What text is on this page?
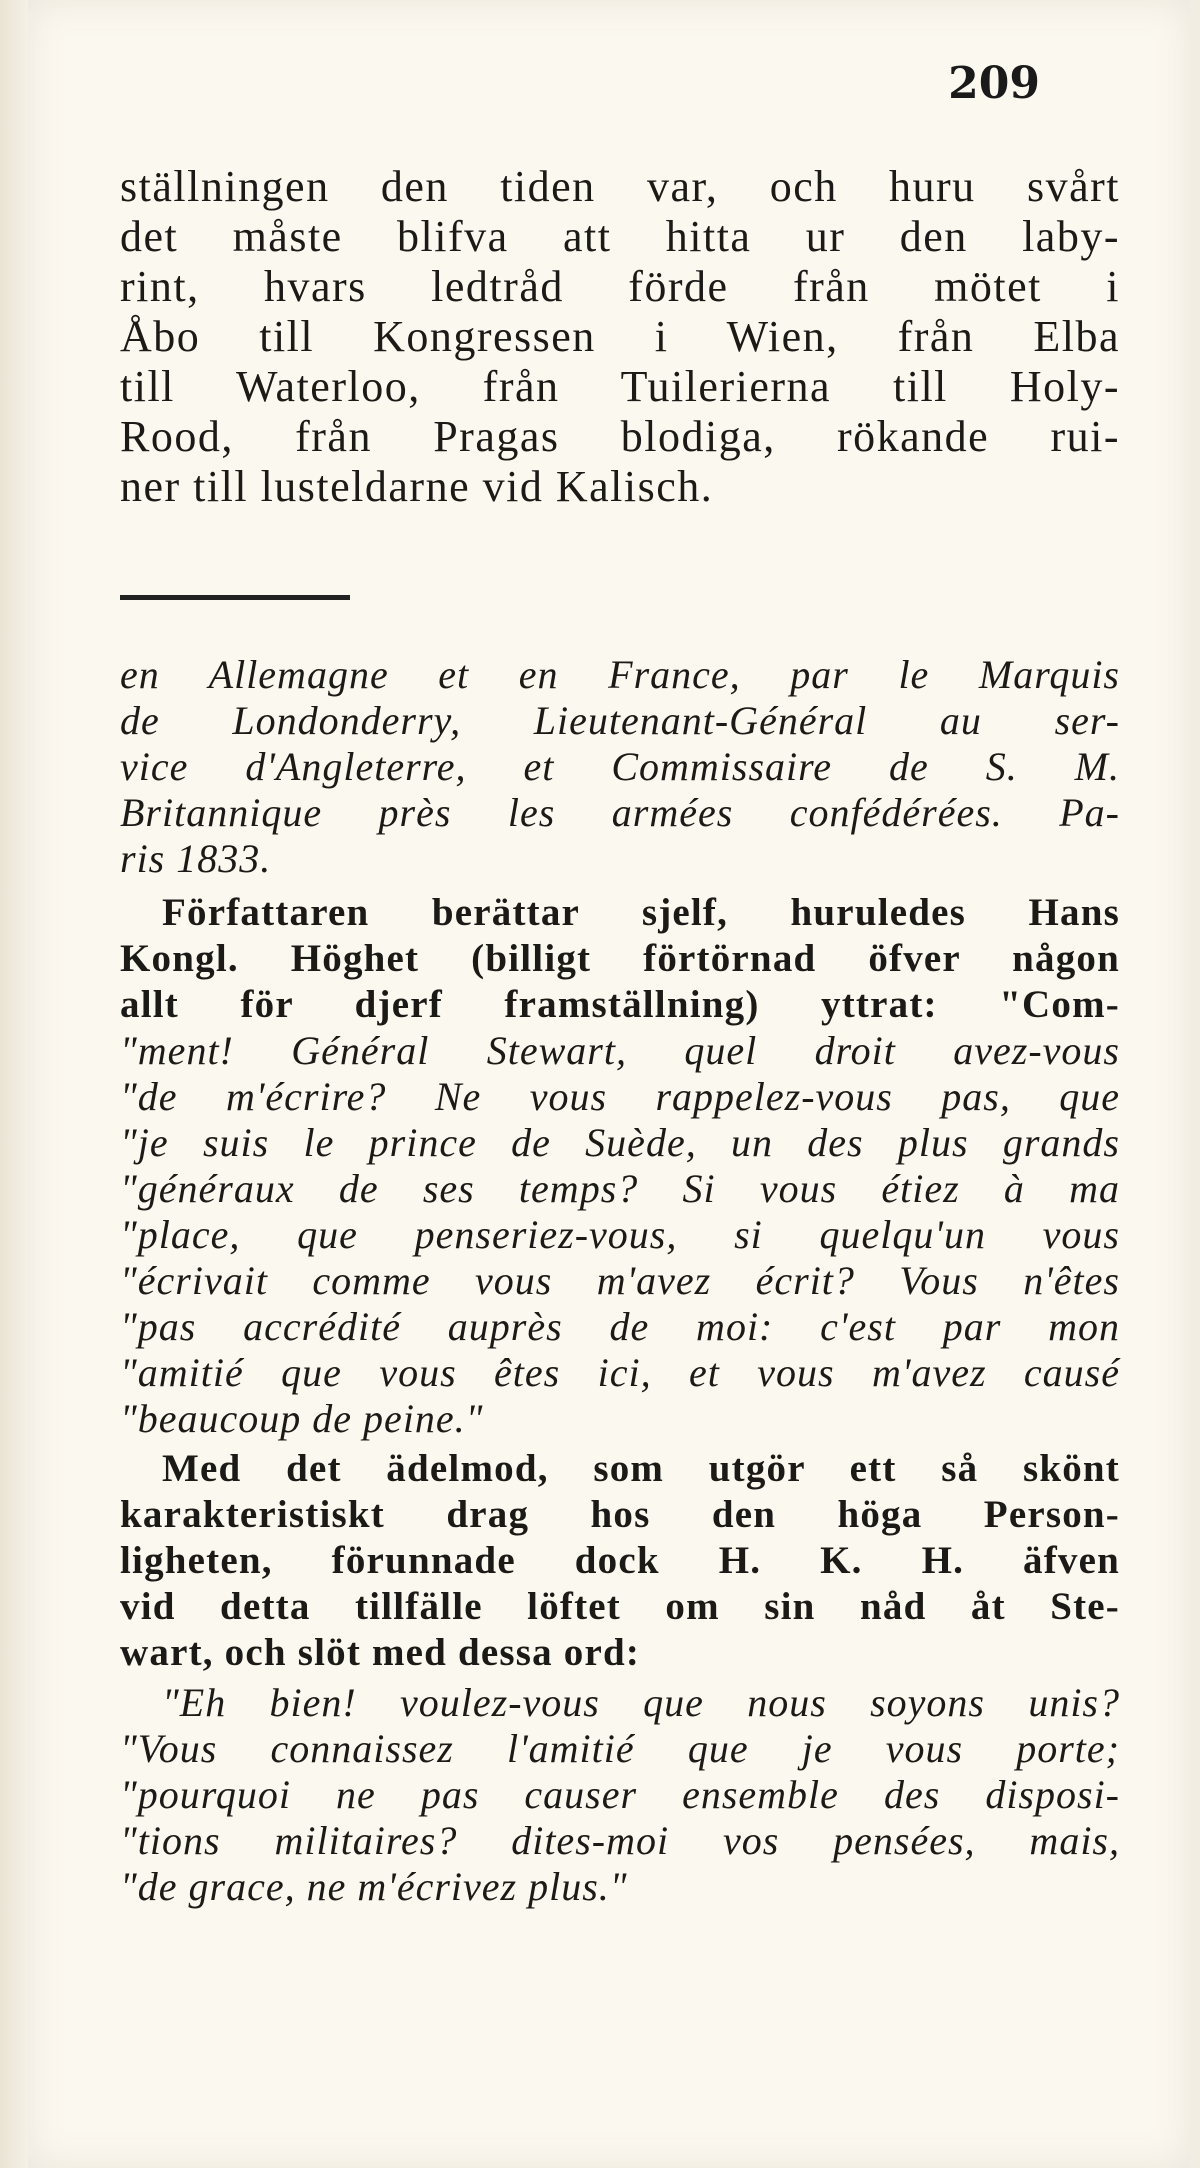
209

ställningen den tiden var, och huru svårt

det måste blifva att hitta ur den laby-

rint, hvars ledtråd förde från mötet i

Åbo till Kongressen i Wien, från Elba

till Waterloo, från Tuilerierna till Holy-

Rood, från Pragas blodiga, rökande rui-

ner till lusteldarne vid Kalisch.

en Allemagne et en France, par le Marquis

de Londonderry, Lieutenant-Général au ser-

vice d'Angleterre, et Commissaire de S. M.

Britannique près les armées confédérées. Pa-

ris 1833.

Författaren berättar sjelf, huruledes Hans

Kongl. Höghet (billigt förtörnad öfver någon

allt för djerf framställning) yttrat: "Com-

"ment! Général Stewart, quel droit avez-vous

"de m'écrire? Ne vous rappelez-vous pas, que

"je suis le prince de Suède, un des plus grands

"généraux de ses temps? Si vous étiez à ma

"place, que penseriez-vous, si quelqu'un vous

"écrivait comme vous m'avez écrit? Vous n'êtes

"pas accrédité auprès de moi: c'est par mon

"amitié que vous êtes ici, et vous m'avez causé

"beaucoup de peine."

Med det ädelmod, som utgör ett så skönt

karakteristiskt drag hos den höga Person-

ligheten, förunnade dock H. K. H. äfven

vid detta tillfälle löftet om sin nåd åt Ste-

wart, och slöt med dessa ord:

"Eh bien! voulez-vous que nous soyons unis?

"Vous connaissez l'amitié que je vous porte;

"pourquoi ne pas causer ensemble des disposi-

"tions militaires? dites-moi vos pensées, mais,

"de grace, ne m'écrivez plus."
